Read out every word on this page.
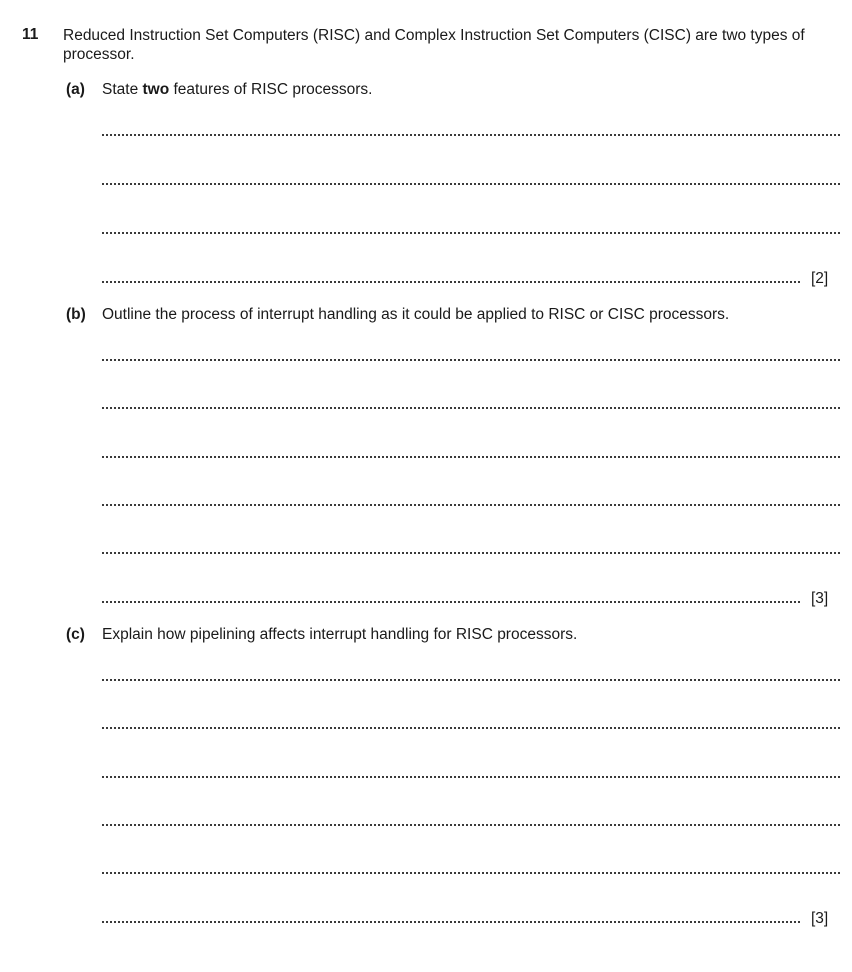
11 Reduced Instruction Set Computers (RISC) and Complex Instruction Set Computers (CISC) are two types of processor.
(a) State two features of RISC processors.
[2]
(b) Outline the process of interrupt handling as it could be applied to RISC or CISC processors.
[3]
(c) Explain how pipelining affects interrupt handling for RISC processors.
[3]
